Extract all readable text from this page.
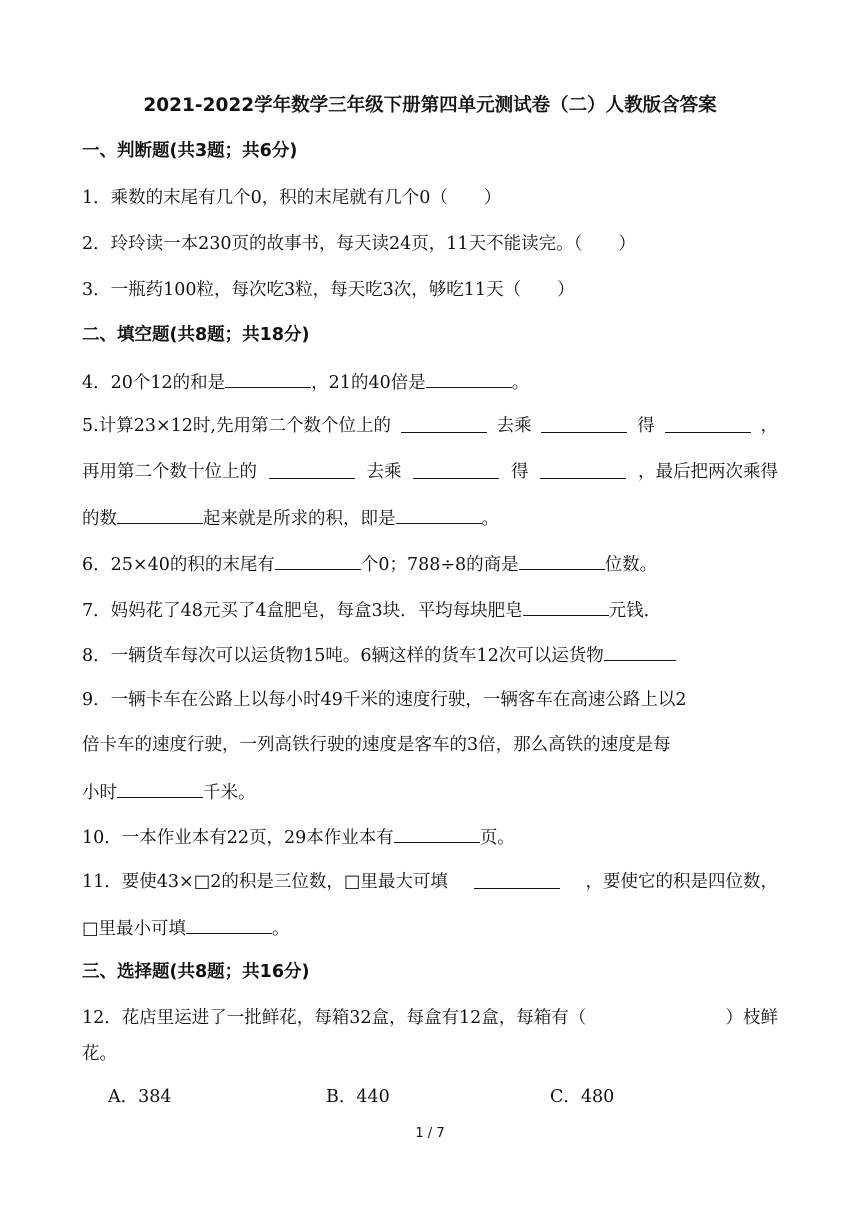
2021-2022学年数学三年级下册第四单元测试卷（二）人教版含答案
一、判断题(共3题；共6分)
1．乘数的末尾有几个0，积的末尾就有几个0（ ）
2．玲玲读一本230页的故事书，每天读24页，11天不能读完。（ ）
3．一瓶药100粒，每次吃3粒，每天吃3次，够吃11天（ ）
二、填空题(共8题；共18分)
4．20个12的和是	，21的40倍是	。
5.计算23×12时,先用第二个数个位上的	去乘	得	，
再用第二个数十位上的	去乘	得	，最后把两次乘得
的数	起来就是所求的积，即是	。
6．25×40的积的末尾有	个0；788÷8的商是	位数。
7．妈妈花了48元买了4盒肥皂，每盒3块．平均每块肥皂	元钱．
8．一辆货车每次可以运货物15吨。6辆这样的货车12次可以运货物
9．一辆卡车在公路上以每小时49千米的速度行驶，一辆客车在高速公路上以2
倍卡车的速度行驶，一列高铁行驶的速度是客车的3倍，那么高铁的速度是每
小时	千米。
10．一本作业本有22页，29本作业本有	页。
11．要使43×□2的积是三位数，□里最大可填	，要使它的积是四位数，
□里最小可填	。
三、选择题(共8题；共16分)
12．花店里运进了一批鲜花，每箱32盒，每盒有12盒，每箱有（	）枝鲜
花。
A．384	B．440	C．480
1 / 7
